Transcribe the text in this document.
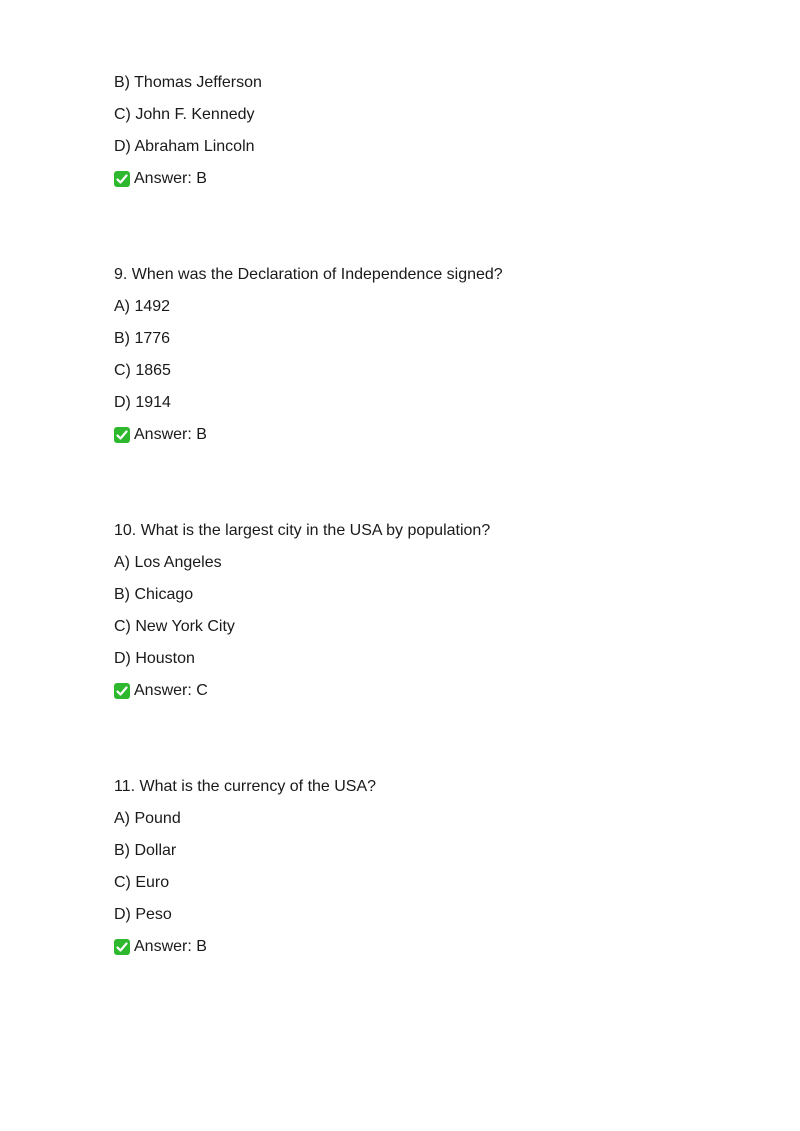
B) Thomas Jefferson
C) John F. Kennedy
D) Abraham Lincoln
Answer: B
9. When was the Declaration of Independence signed?
A) 1492
B) 1776
C) 1865
D) 1914
Answer: B
10. What is the largest city in the USA by population?
A) Los Angeles
B) Chicago
C) New York City
D) Houston
Answer: C
11. What is the currency of the USA?
A) Pound
B) Dollar
C) Euro
D) Peso
Answer: B
